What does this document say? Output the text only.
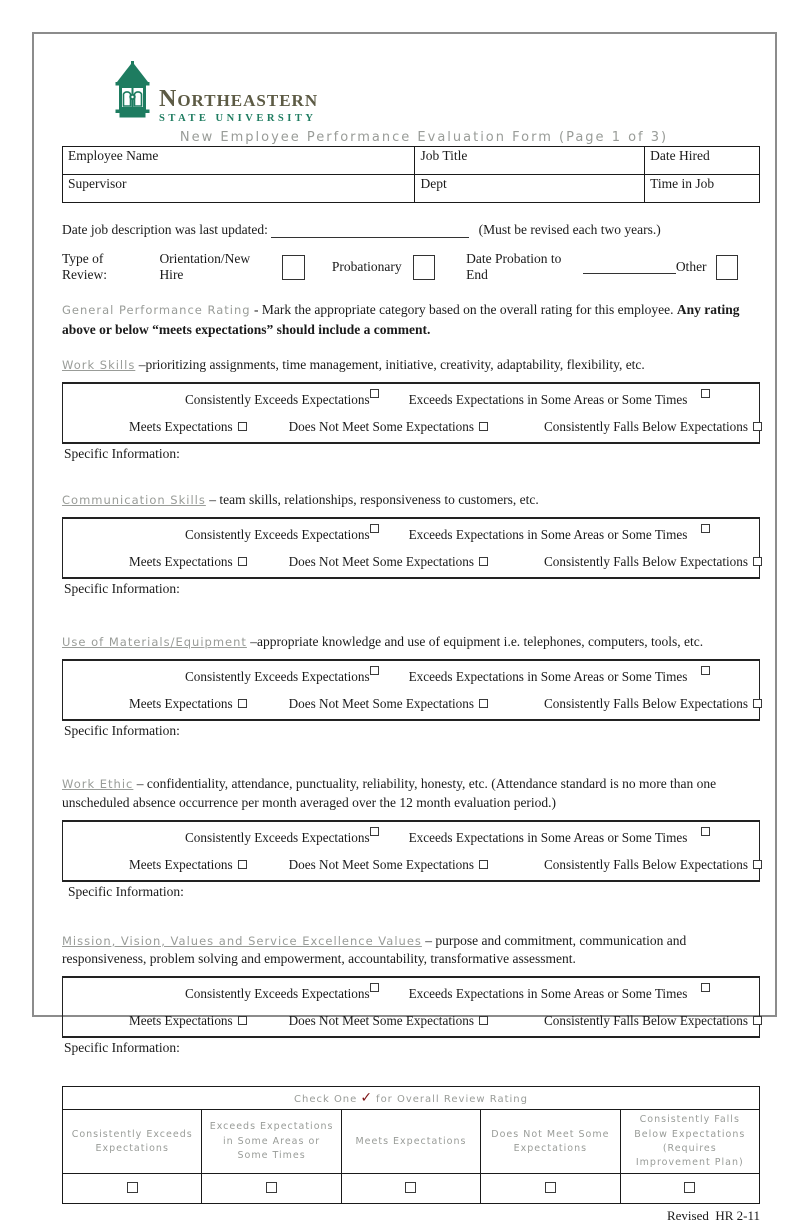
Northeastern
STATE UNIVERSITY
New Employee Performance Evaluation Form (Page 1 of 3)
Employee Name	Job Title	Date Hired
Supervisor	Dept	Time in Job
Date job description was last updated:	(Must be revised each two years.)
Type of Review:
Orientation/New Hire
Probationary
Date Probation to End
Other
General Performance Rating - Mark the appropriate category based on the overall rating for this employee. Any rating above or below “meets expectations” should include a comment.
Work Skills –prioritizing assignments, time management, initiative, creativity, adaptability, flexibility, etc.
Consistently Exceeds Expectations	Exceeds Expectations in Some Areas or Some Times
Meets Expectations	Does Not Meet Some Expectations	Consistently Falls Below Expectations
Specific Information:
Communication Skills – team skills, relationships, responsiveness to customers, etc.
Consistently Exceeds Expectations	Exceeds Expectations in Some Areas or Some Times
Meets Expectations	Does Not Meet Some Expectations	Consistently Falls Below Expectations
Specific Information:
Use of Materials/Equipment –appropriate knowledge and use of equipment i.e. telephones, computers, tools, etc.
Consistently Exceeds Expectations	Exceeds Expectations in Some Areas or Some Times
Meets Expectations	Does Not Meet Some Expectations	Consistently Falls Below Expectations
Specific Information:
Work Ethic – confidentiality, attendance, punctuality, reliability, honesty, etc. (Attendance standard is no more than one unscheduled absence occurrence per month averaged over the 12 month evaluation period.)
Consistently Exceeds Expectations	Exceeds Expectations in Some Areas or Some Times
Meets Expectations	Does Not Meet Some Expectations	Consistently Falls Below Expectations
Specific Information:
Mission, Vision, Values and Service Excellence Values – purpose and commitment, communication and responsiveness, problem solving and empowerment, accountability, transformative assessment.
Consistently Exceeds Expectations	Exceeds Expectations in Some Areas or Some Times
Meets Expectations	Does Not Meet Some Expectations	Consistently Falls Below Expectations
Specific Information:
Check One ✓ for Overall Review Rating				
Consistently Exceeds Expectations	Exceeds Expectations in Some Areas or Some Times	Meets Expectations	Does Not Meet Some Expectations	Consistently Falls Below Expectations (Requires Improvement Plan)

Revised  HR 2-11
